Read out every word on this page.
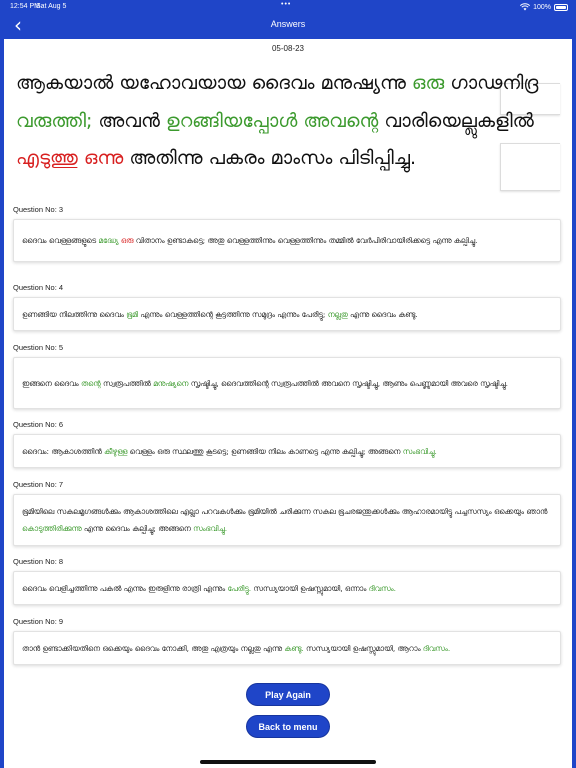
12:54 PM
Sat Aug 5	•••	100%
‹	Answers
05-08-23
ആകയാൽ യഹോവയായ ദൈവം മനുഷ്യന്നു ഒരു ഗാഢനിദ്ര വരുത്തി; അവൻ ഉറങ്ങിയപ്പോൾ അവന്റെ വാരിയെല്ലുകളിൽ എടുത്തു ഒന്നു അതിന്നു പകരം മാംസം പിടിപ്പിച്ചു.
Question No: 3
ദൈവം വെള്ളങ്ങളുടെ മദ്ധ്യേ ഒരു വിതാനം ഉണ്ടാകട്ടെ; അതു വെള്ളത്തിന്നും വെള്ളത്തിന്നും തമ്മിൽ വേർപിരിവായിരിക്കട്ടെ എന്നു കല്പിച്ചു.
Question No: 4
ഉണങ്ങിയ നിലത്തിന്നു ദൈവം ഭൂമി എന്നും വെള്ളത്തിന്റെ കൂട്ടത്തിന്നു സമുദ്രം എന്നും പേരിട്ടു; നല്ലതു എന്നു ദൈവം കണ്ടു.
Question No: 5
ഇങ്ങനെ ദൈവം തന്റെ സ്വരൂപത്തിൽ മനുഷ്യനെ സൃഷ്ടിച്ചു, ദൈവത്തിന്റെ സ്വരൂപത്തിൽ അവനെ സൃഷ്ടിച്ചു, ആണും പെണ്ണുമായി അവരെ സൃഷ്ടിച്ചു.
Question No: 6
ദൈവം: ആകാശത്തിൻ കീഴുള്ള വെള്ളം ഒരു സ്ഥലത്തു കൂടട്ടെ; ഉണങ്ങിയ നിലം കാണട്ടെ എന്നു കല്പിച്ചു; അങ്ങനെ സംഭവിച്ചു.
Question No: 7
ഭൂമിയിലെ സകലമൃഗങ്ങൾക്കും ആകാശത്തിലെ എല്ലാ പറവകൾക്കും ഭൂമിയിൽ ചരിക്കുന്ന സകല ഭൂചരജന്തുക്കൾക്കും ആഹാരമായിട്ടു പച്ചസസ്യം ഒക്കെയും ഞാൻ കൊടുത്തിരിക്കുന്നു എന്നു ദൈവം കല്പിച്ചു; അങ്ങനെ സംഭവിച്ചു.
Question No: 8
ദൈവം വെളിച്ചത്തിന്നു പകൽ എന്നും ഇരുളിന്നു രാത്രി എന്നും പേരിട്ടു. സന്ധ്യയായി ഉഷസ്സുമായി, ഒന്നാം ദിവസം.
Question No: 9
താൻ ഉണ്ടാക്കിയതിനെ ഒക്കെയും ദൈവം നോക്കി, അതു എത്രയും നല്ലതു എന്നു കണ്ടു. സന്ധ്യയായി ഉഷസ്സുമായി, ആറാം ദിവസം.
Play Again
Back to menu
